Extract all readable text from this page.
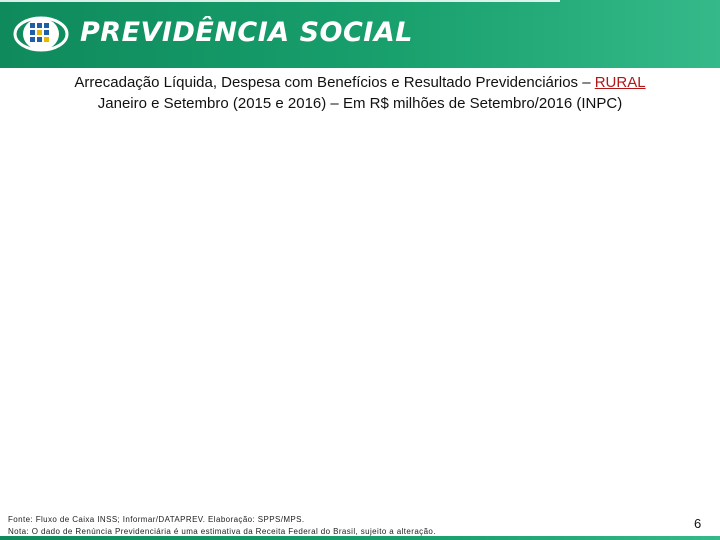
PREVIDÊNCIA SOCIAL
Arrecadação Líquida, Despesa com Benefícios e Resultado Previdenciários – RURAL
Janeiro e Setembro (2015 e 2016) – Em R$ milhões de Setembro/2016 (INPC)
Fonte: Fluxo de Caixa INSS; Informar/DATAPREV. Elaboração: SPPS/MPS.
Nota: O dado de Renúncia Previdenciária é uma estimativa da Receita Federal do Brasil, sujeito a alteração.
6
